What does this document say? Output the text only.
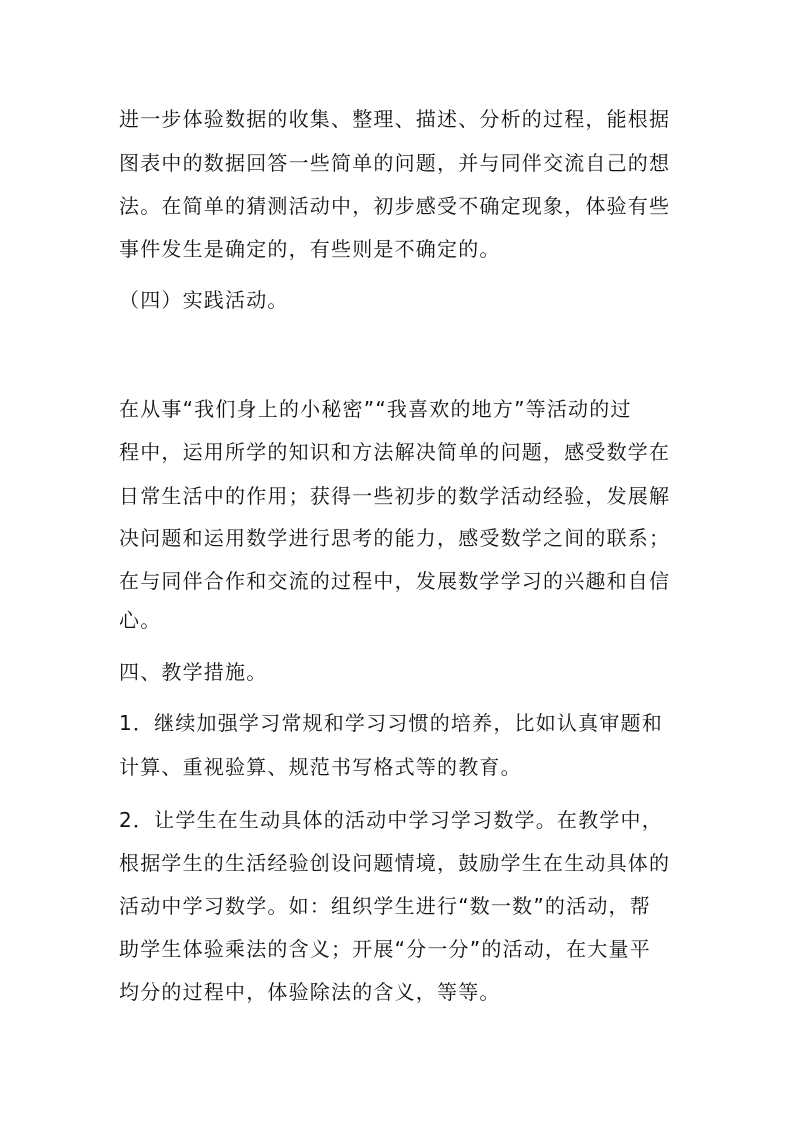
进一步体验数据的收集、整理、描述、分析的过程，能根据

图表中的数据回答一些简单的问题，并与同伴交流自己的想

法。在简单的猜测活动中，初步感受不确定现象，体验有些

事件发生是确定的，有些则是不确定的。

（四）实践活动。

在从事“我们身上的小秘密”“我喜欢的地方”等活动的过

程中，运用所学的知识和方法解决简单的问题，感受数学在

日常生活中的作用；获得一些初步的数学活动经验，发展解

决问题和运用数学进行思考的能力，感受数学之间的联系；

在与同伴合作和交流的过程中，发展数学学习的兴趣和自信

心。

四、教学措施。

1．继续加强学习常规和学习习惯的培养，比如认真审题和

计算、重视验算、规范书写格式等的教育。

2．让学生在生动具体的活动中学习学习数学。在教学中，

根据学生的生活经验创设问题情境，鼓励学生在生动具体的

活动中学习数学。如：组织学生进行“数一数”的活动，帮

助学生体验乘法的含义；开展“分一分”的活动，在大量平

均分的过程中，体验除法的含义，等等。
